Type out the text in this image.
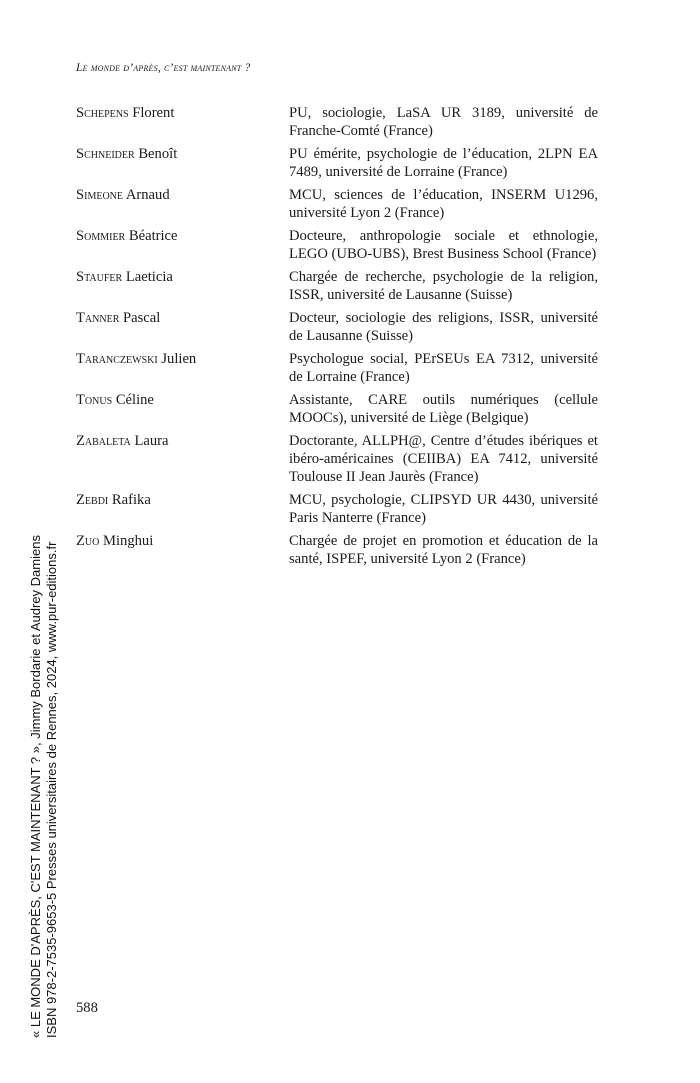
Le monde d’après, c’est maintenant ?
Schepens Florent	PU, sociologie, LaSA UR 3189, université de Franche-Comté (France)
Schneider Benoît	PU émérite, psychologie de l’éducation, 2LPN EA 7489, université de Lorraine (France)
Simeone Arnaud	MCU, sciences de l’éducation, INSERM U1296, université Lyon 2 (France)
Sommier Béatrice	Docteure, anthropologie sociale et ethnologie, LEGO (UBO-UBS), Brest Business School (France)
Staufer Laeticia	Chargée de recherche, psychologie de la religion, ISSR, université de Lausanne (Suisse)
Tanner Pascal	Docteur, sociologie des religions, ISSR, université de Lausanne (Suisse)
Taranczewski Julien	Psychologue social, PErSEUs EA 7312, université de Lorraine (France)
Tonus Céline	Assistante, CARE outils numériques (cellule MOOCs), université de Liège (Belgique)
Zabaleta Laura	Doctorante, ALLPH@, Centre d’études ibériques et ibéro-américaines (CEIIBA) EA 7412, université Toulouse II Jean Jaurès (France)
Zebdi Rafika	MCU, psychologie, CLIPSYD UR 4430, université Paris Nanterre (France)
Zuo Minghui	Chargée de projet en promotion et éducation de la santé, ISPEF, université Lyon 2 (France)
588
« LE MONDE D'APRÈS, C'EST MAINTENANT ? », Jimmy Bordarie et Audrey Damiens ISBN 978-2-7535-9653-5 Presses universitaires de Rennes, 2024, www.pur-editions.fr
